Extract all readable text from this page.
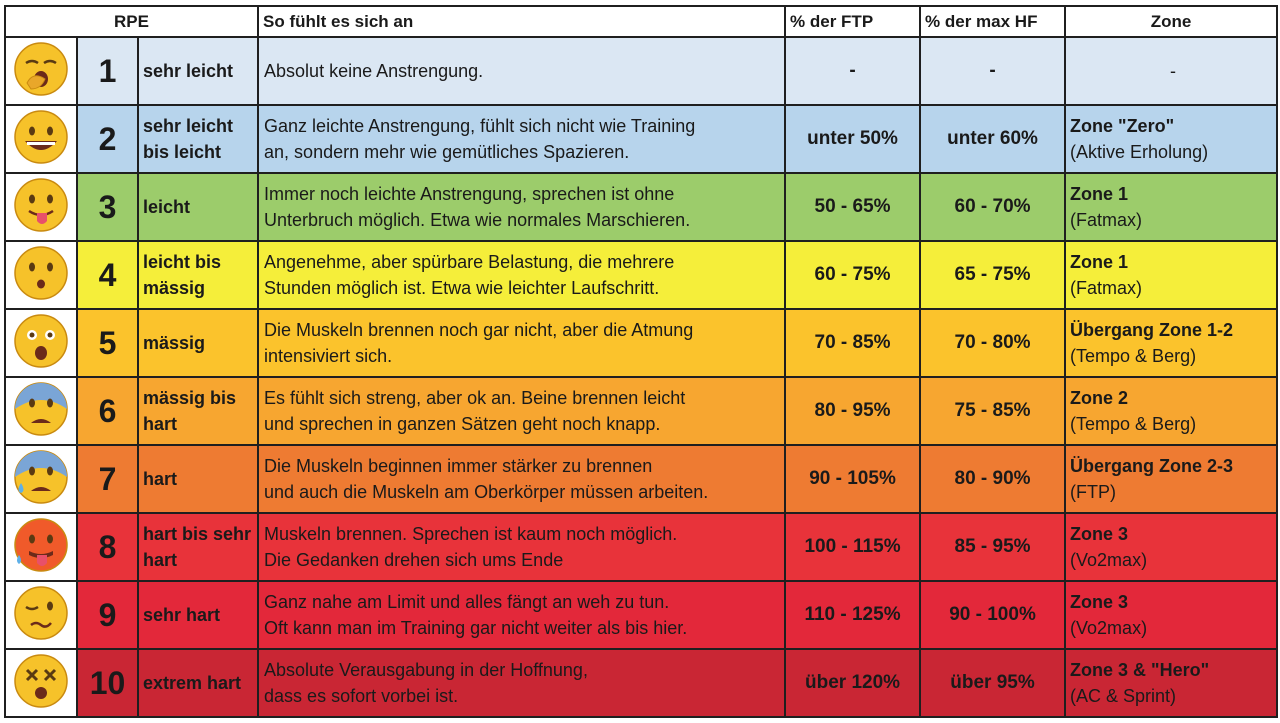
RPE			So fühlt es sich an	% der FTP	% der max HF	Zone
	1	sehr leicht	Absolut keine Anstrengung.	-	-	-
	2	sehr leicht bis leicht	Ganz leichte Anstrengung, fühlt sich nicht wie Training
an, sondern mehr wie gemütliches Spazieren.	unter 50%	unter 60%	Zone "Zero"
(Aktive Erholung)

	3	leicht	Immer noch leichte Anstrengung, sprechen ist ohne
Unterbruch möglich. Etwa wie normales Marschieren.	50 - 65%	60 - 70%	Zone 1
(Fatmax)

	4	leicht bis mässig	Angenehme, aber spürbare Belastung, die mehrere
Stunden möglich ist. Etwa wie leichter Laufschritt.	60 - 75%	65 - 75%	Zone 1
(Fatmax)

	5	mässig	Die Muskeln brennen noch gar nicht, aber die Atmung
intensiviert sich.	70 - 85%	70 - 80%	Übergang Zone 1-2
(Tempo & Berg)

	6	mässig bis hart	Es fühlt sich streng, aber ok an. Beine brennen leicht
und sprechen in ganzen Sätzen geht noch knapp.	80 - 95%	75 - 85%	Zone 2
(Tempo & Berg)

	7	hart	Die Muskeln beginnen immer stärker zu brennen
und auch die Muskeln am Oberkörper müssen arbeiten.	90 - 105%	80 - 90%	Übergang Zone 2-3
(FTP)

	8	hart bis sehr hart	Muskeln brennen. Sprechen ist kaum noch möglich.
Die Gedanken drehen sich ums Ende	100 - 115%	85 - 95%	Zone 3
(Vo2max)

	9	sehr hart	Ganz nahe am Limit und alles fängt an weh zu tun.
Oft kann man im Training gar nicht weiter als bis hier.	110 - 125%	90 - 100%	Zone 3
(Vo2max)

	10	extrem hart	Absolute Verausgabung in der Hoffnung,
dass es sofort vorbei ist.	über 120%	über 95%	Zone 3 & "Hero"
(AC & Sprint)
